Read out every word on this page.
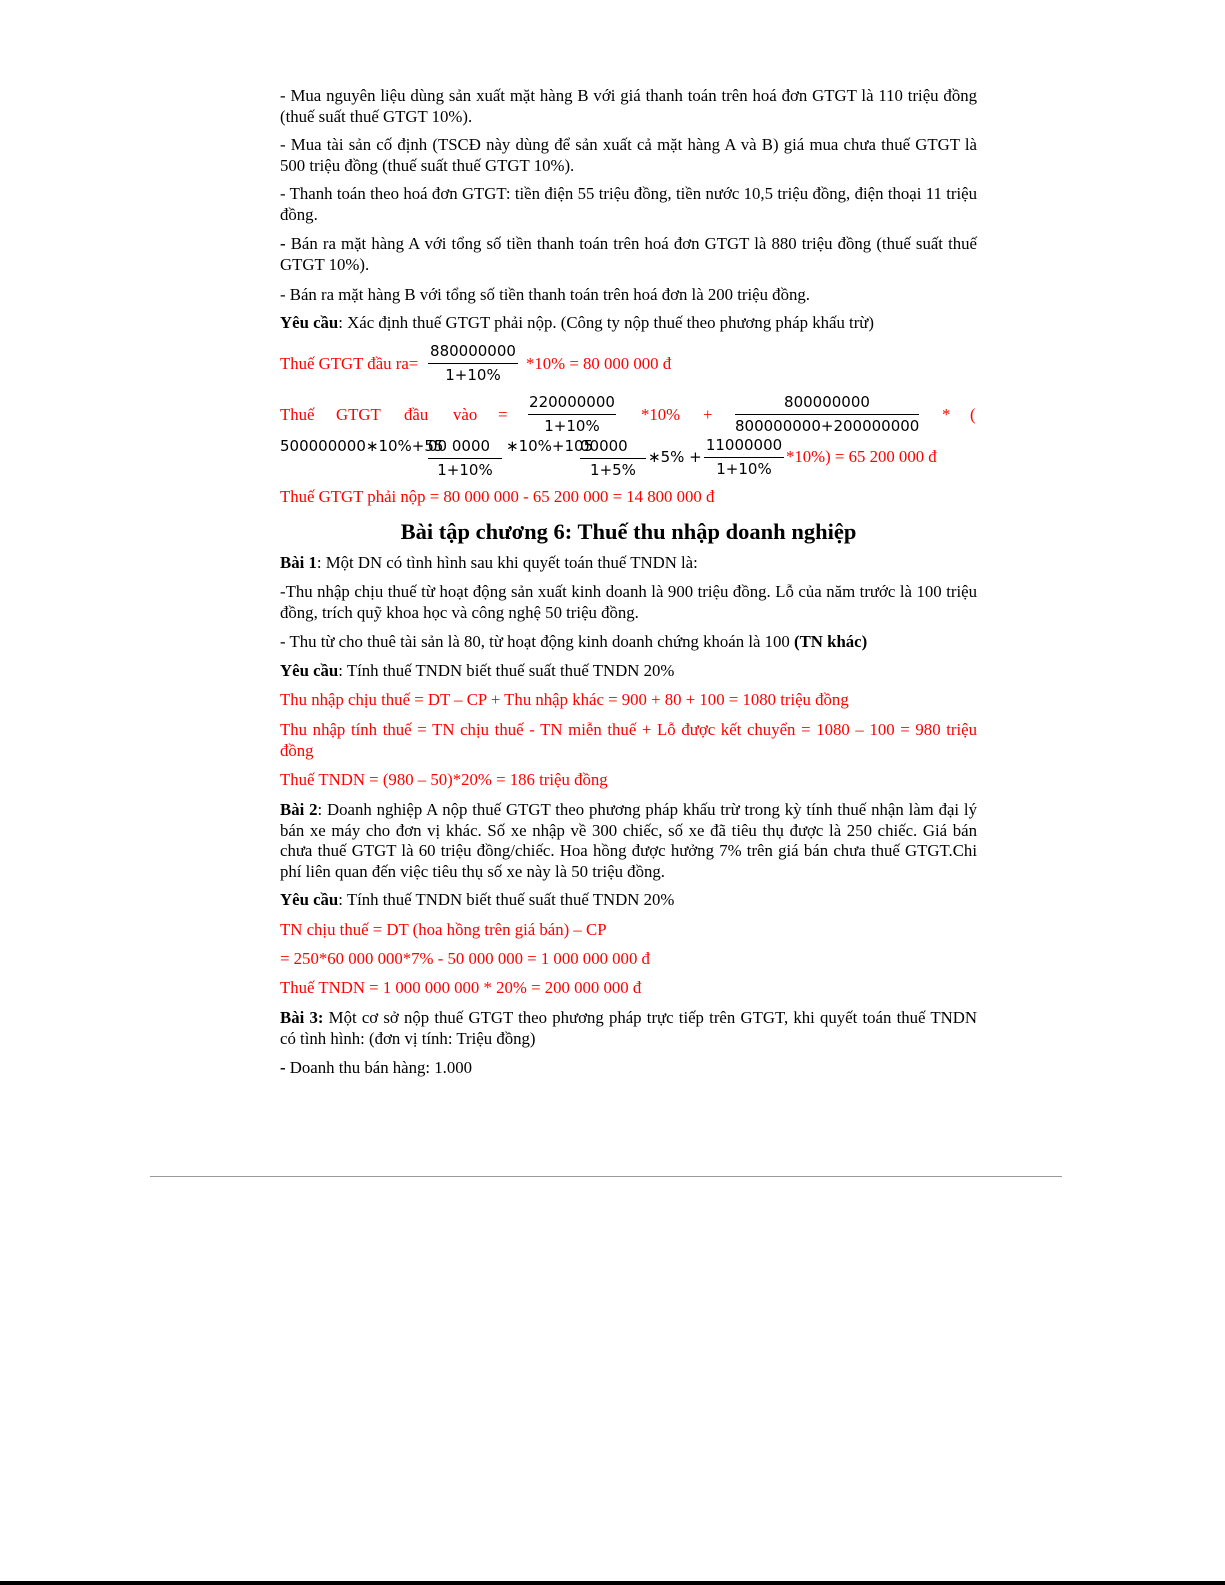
- Mua nguyên liệu dùng sản xuất mặt hàng B với giá thanh toán trên hoá đơn GTGT là 110 triệu đồng (thuế suất thuế GTGT 10%).
- Mua tài sản cố định (TSCĐ này dùng để sản xuất cả mặt hàng A và B) giá mua chưa thuế GTGT là 500 triệu đồng (thuế suất thuế GTGT 10%).
- Thanh toán theo hoá đơn GTGT: tiền điện 55 triệu đồng, tiền nước 10,5 triệu đồng, điện thoại 11 triệu đồng.
- Bán ra mặt hàng A với tổng số tiền thanh toán trên hoá đơn GTGT là 880 triệu đồng (thuế suất thuế GTGT 10%).
- Bán ra mặt hàng B với tổng số tiền thanh toán trên hoá đơn là 200 triệu đồng.
Yêu cầu: Xác định thuế GTGT phải nộp. (Công ty nộp thuế theo phương pháp khấu trừ)
Thuế GTGT đầu $ra= \frac{880000000}{1+10\%} *10\% = 80$ 000 000 đ
Thuế GTGT đầu vào = $\frac{220000000}{1+10\%} *10\% + \frac{800000000}{800000000+200000000}$ * (
500000000∗10%+55
$\frac{00 0000}{1+10\%}$ ∗10%+105
$\frac{00000}{1+5\%}$ ∗5% + $\frac{11000000}{1+10\%} *10\%) = 65$ 200 000 đ
Thuế GTGT phải nộp = 80 000 000 - 65 200 000 = 14 800 000 đ
Bài tập chương 6: Thuế thu nhập doanh nghiệp
Bài 1: Một DN có tình hình sau khi quyết toán thuế TNDN là:
-Thu nhập chịu thuế từ hoạt động sản xuất kinh doanh là 900 triệu đồng. Lỗ của năm trước là 100 triệu đồng, trích quỹ khoa học và công nghệ 50 triệu đồng.
- Thu từ cho thuê tài sản là 80, từ hoạt động kinh doanh chứng khoán là 100 (TN khác)
Yêu cầu: Tính thuế TNDN biết thuế suất thuế TNDN 20%
Thu nhập chịu thuế = DT – CP + Thu nhập khác = 900 + 80 + 100 = 1080 triệu đồng
Thu nhập tính thuế = TN chịu thuế - TN miễn thuế + Lỗ được kết chuyển = 1080 – 100 = 980 triệu đồng
Thuế TNDN = (980 – 50)*20% = 186 triệu đồng
Bài 2: Doanh nghiệp A nộp thuế GTGT theo phương pháp khấu trừ trong kỳ tính thuế nhận làm đại lý bán xe máy cho đơn vị khác. Số xe nhập về 300 chiếc, số xe đã tiêu thụ được là 250 chiếc. Giá bán chưa thuế GTGT là 60 triệu đồng/chiếc. Hoa hồng được hưởng 7% trên giá bán chưa thuế GTGT.Chi phí liên quan đến việc tiêu thụ số xe này là 50 triệu đồng.
Yêu cầu: Tính thuế TNDN biết thuế suất thuế TNDN 20%
TN chịu thuế = DT (hoa hồng trên giá bán) – CP
= 250*60 000 000*7% - 50 000 000 = 1 000 000 000 đ
Thuế TNDN = 1 000 000 000 * 20% = 200 000 000 đ
Bài 3: Một cơ sở nộp thuế GTGT theo phương pháp trực tiếp trên GTGT, khi quyết toán thuế TNDN có tình hình: (đơn vị tính: Triệu đồng)
- Doanh thu bán hàng: 1.000
